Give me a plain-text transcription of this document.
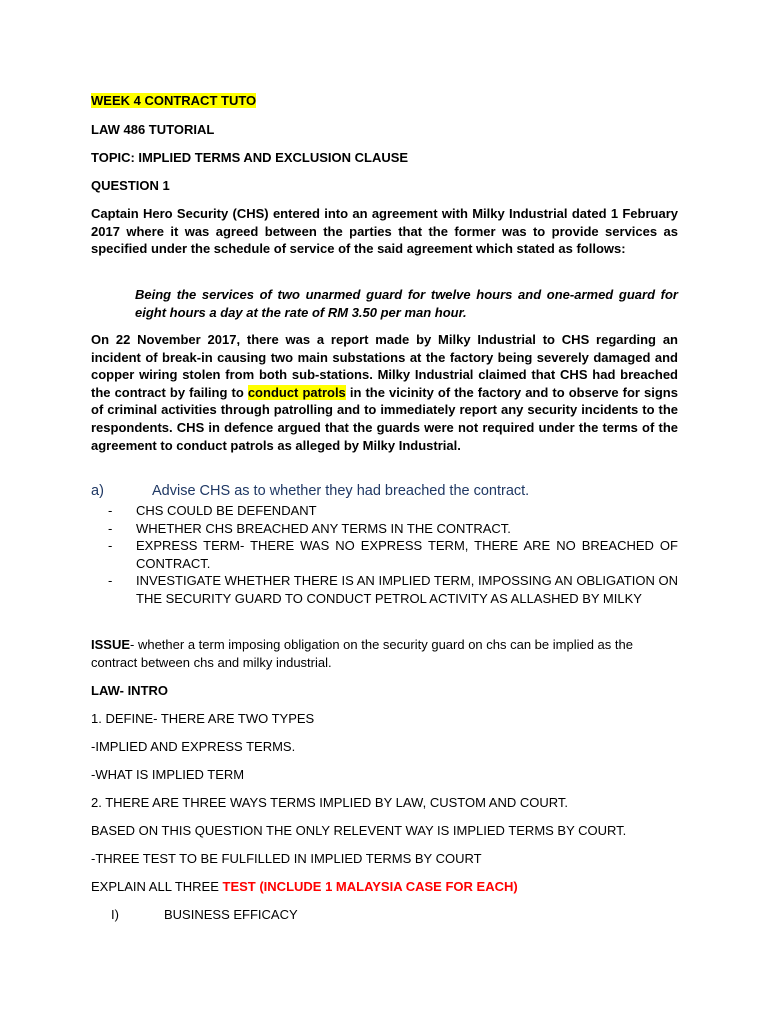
WEEK 4 CONTRACT TUTO

LAW 486 TUTORIAL

TOPIC: IMPLIED TERMS AND EXCLUSION CLAUSE

QUESTION 1

Captain Hero Security (CHS) entered into an agreement with Milky Industrial dated 1 February 2017 where it was agreed between the parties that the former was to provide services as specified under the schedule of service of the said agreement which stated as follows:

Being the services of two unarmed guard for twelve hours and one-armed guard for eight hours a day at the rate of RM 3.50 per man hour.

On 22 November 2017, there was a report made by Milky Industrial to CHS regarding an incident of break-in causing two main substations at the factory being severely damaged and copper wiring stolen from both sub-stations. Milky Industrial claimed that CHS had breached the contract by failing to conduct patrols in the vicinity of the factory and to observe for signs of criminal activities through patrolling and to immediately report any security incidents to the respondents. CHS in defence argued that the guards were not required under the terms of the agreement to conduct patrols as alleged by Milky Industrial.

a)	Advise CHS as to whether they had breached the contract.

- CHS COULD BE DEFENDANT
- WHETHER CHS BREACHED ANY TERMS IN THE CONTRACT.
- EXPRESS TERM- THERE WAS NO EXPRESS TERM, THERE ARE NO BREACHED OF CONTRACT.
- INVESTIGATE WHETHER THERE IS AN IMPLIED TERM, IMPOSSING AN OBLIGATION ON THE SECURITY GUARD TO CONDUCT PETROL ACTIVITY AS ALLASHED BY MILKY

ISSUE- whether a term imposing obligation on the security guard on chs can be implied as the contract between chs and milky industrial.

LAW- INTRO

1. DEFINE- THERE ARE TWO TYPES

-IMPLIED AND EXPRESS TERMS.

-WHAT IS IMPLIED TERM

2. THERE ARE THREE WAYS TERMS IMPLIED BY LAW, CUSTOM AND COURT.

BASED ON THIS QUESTION THE ONLY RELEVENT WAY IS IMPLIED TERMS BY COURT.

-THREE TEST TO BE FULFILLED IN IMPLIED TERMS BY COURT

EXPLAIN ALL THREE TEST (INCLUDE 1 MALAYSIA CASE FOR EACH)

I)	BUSINESS EFFICACY
